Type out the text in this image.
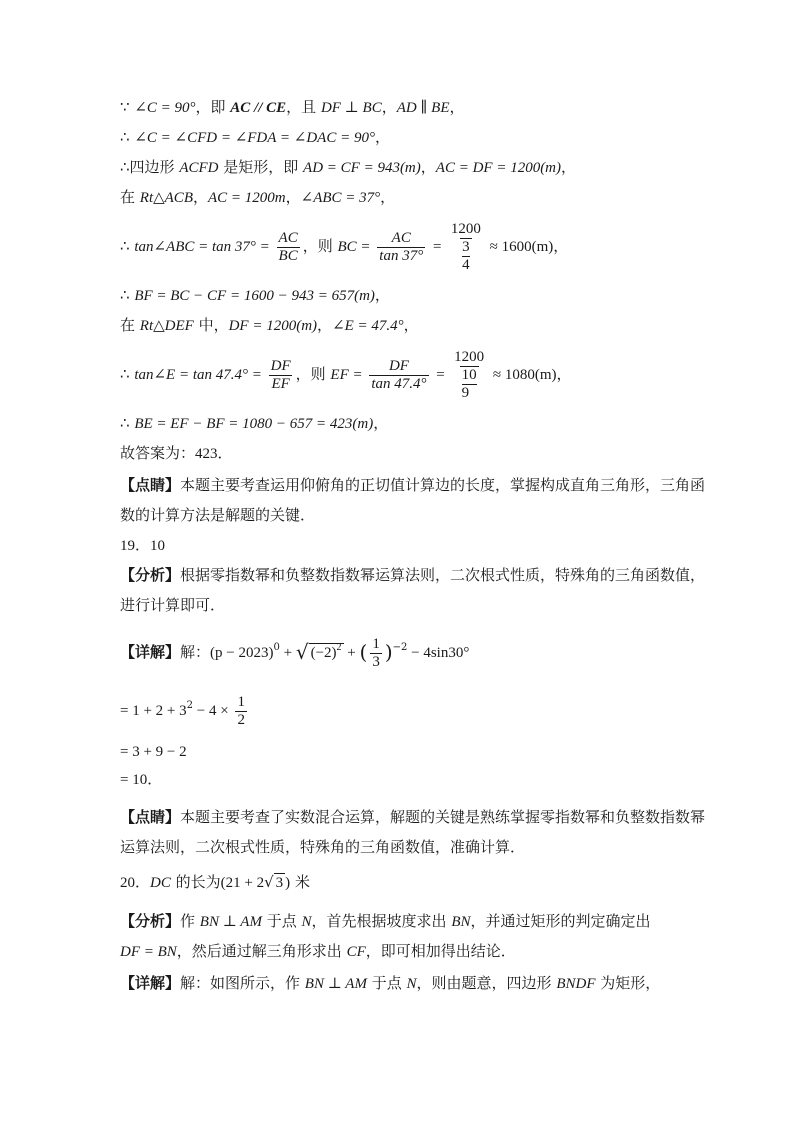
∵ ∠C = 90°，即 AC // CE，且 DF ⊥ BC，AD ∥ BE，
∴ ∠C = ∠CFD = ∠FDA = ∠DAC = 90°，
∴四边形 ACFD 是矩形，即 AD = CF = 943(m)，AC = DF = 1200(m)，
在 Rt△ACB，AC = 1200m，∠ABC = 37°，
∴ tan∠ABC = $\tan 37^\circ = \frac{AC}{BC}$ ，则 BC = $\frac{AC}{\tan 37^\circ} = \frac{1200}{\frac{3}{4}} \approx 1600(m)$，
∴ BF = BC − CF = 1600 − 943 = 657(m)，
在 Rt△DEF 中，DF = 1200(m)，∠E = 47.4°，
∴ tan∠E = $\tan 47.4^\circ = \frac{DF}{EF}$ ，则 EF = $\frac{DF}{\tan 47.4^\circ} = \frac{1200}{\frac{10}{9}} \approx 1080(m)$，
∴ BE = EF − BF = 1080 − 657 = 423(m)，
故答案为：423．
【点睛】本题主要考查运用仰俯角的正切值计算边的长度，掌握构成直角三角形，三角函
数的计算方法是解题的关键．
19．10
【分析】根据零指数幂和负整数指数幂运算法则，二次根式性质，特殊角的三角函数值，
进行计算即可．
【详解】解：$(p - 2023)^0$ + √ $(-2)^2$ + ( $\frac{1}{3} )^{-2} - 4\sin 30^\circ$
= $1 + 2 + 3^2 - 4 \times \frac{1}{2}$
= 3 + 9 − 2
= 10．
【点睛】本题主要考查了实数混合运算，解题的关键是熟练掌握零指数幂和负整数指数幂
运算法则，二次根式性质，特殊角的三角函数值，准确计算．
20．DC 的长为(21 + 2√ 3 ) 米
【分析】作 BN ⊥ AM 于点 N，首先根据坡度求出 BN，并通过矩形的判定确定出
DF = BN，然后通过解三角形求出 CF，即可相加得出结论．
【详解】解：如图所示，作 BN ⊥ AM 于点 N，则由题意，四边形 BNDF 为矩形，
